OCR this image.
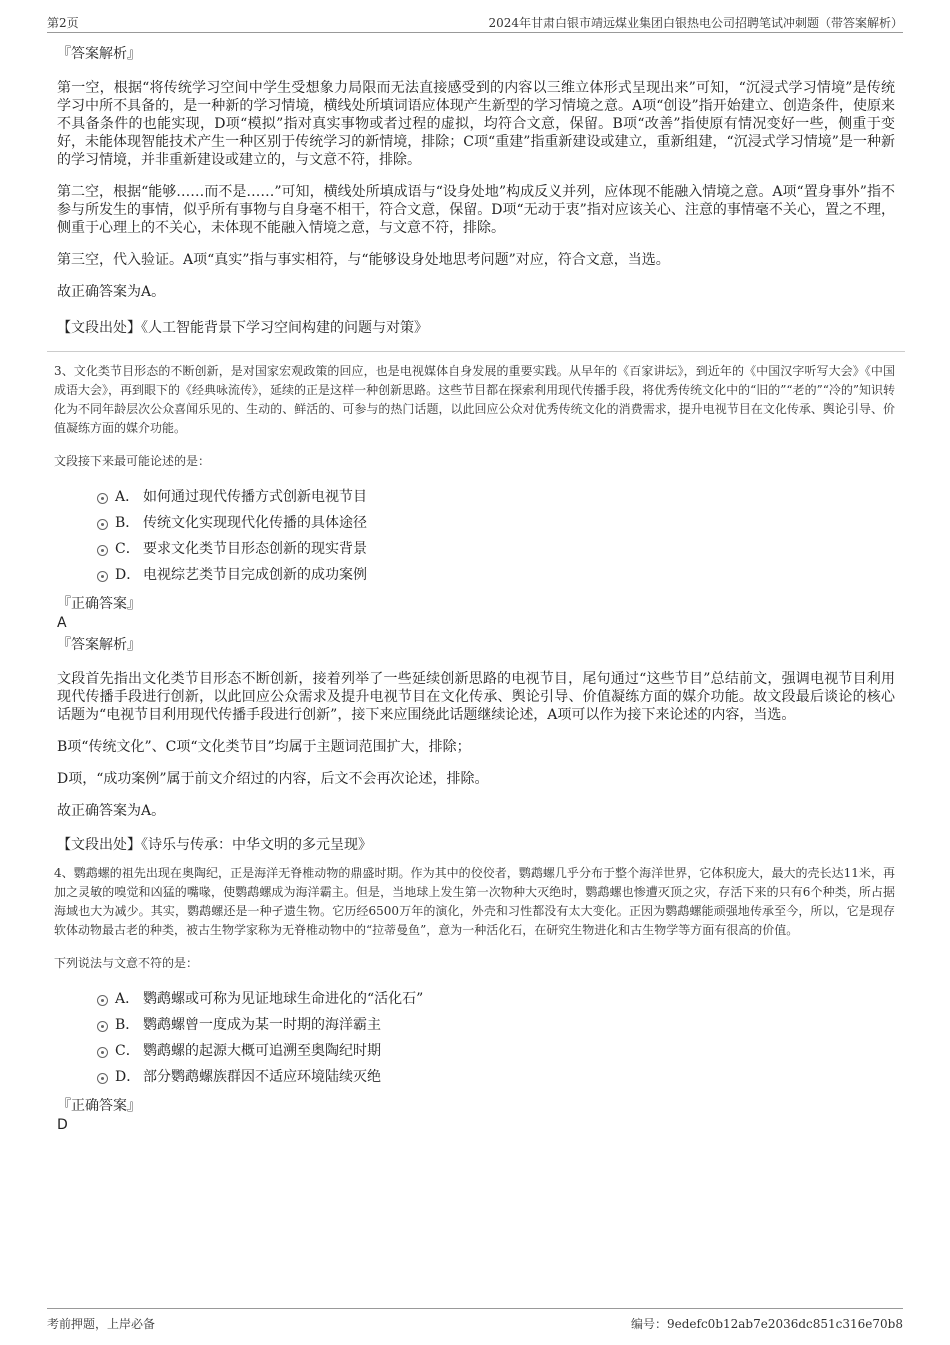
第2页	2024年甘肃白银市靖远煤业集团白银热电公司招聘笔试冲刺题（带答案解析）

『答案解析』

第一空，根据“将传统学习空间中学生受想象力局限而无法直接感受到的内容以三维立体形式呈现出来”可知，“沉浸式学习情境”是传统学习中所不具备的，是一种新的学习情境，横线处所填词语应体现产生新型的学习情境之意。A项“创设”指开始建立、创造条件，使原来不具备条件的也能实现，D项“模拟”指对真实事物或者过程的虚拟，均符合文意，保留。B项“改善”指使原有情况变好一些，侧重于变好，未能体现智能技术产生一种区别于传统学习的新情境，排除；C项“重建”指重新建设或建立，重新组建，“沉浸式学习情境”是一种新的学习情境，并非重新建设或建立的，与文意不符，排除。

第二空，根据“能够……而不是……”可知，横线处所填成语与“设身处地”构成反义并列，应体现不能融入情境之意。A项“置身事外”指不参与所发生的事情，似乎所有事物与自身毫不相干，符合文意，保留。D项“无动于衷”指对应该关心、注意的事情毫不关心，置之不理，侧重于心理上的不关心，未体现不能融入情境之意，与文意不符，排除。

第三空，代入验证。A项“真实”指与事实相符，与“能够设身处地思考问题”对应，符合文意，当选。

故正确答案为A。

【文段出处】《人工智能背景下学习空间构建的问题与对策》

3、文化类节目形态的不断创新，是对国家宏观政策的回应，也是电视媒体自身发展的重要实践。从早年的《百家讲坛》，到近年的《中国汉字听写大会》《中国成语大会》，再到眼下的《经典咏流传》，延续的正是这样一种创新思路。这些节目都在探索利用现代传播手段，将优秀传统文化中的“旧的”“老的”“冷的”知识转化为不同年龄层次公众喜闻乐见的、生动的、鲜活的、可参与的热门话题，以此回应公众对优秀传统文化的消费需求，提升电视节目在文化传承、舆论引导、价值凝练方面的媒介功能。

文段接下来最可能论述的是：

A． 如何通过现代传播方式创新电视节目
B． 传统文化实现现代化传播的具体途径
C． 要求文化类节目形态创新的现实背景
D． 电视综艺类节目完成创新的成功案例

『正确答案』

A

『答案解析』

文段首先指出文化类节目形态不断创新，接着列举了一些延续创新思路的电视节目，尾句通过“这些节目”总结前文，强调电视节目利用现代传播手段进行创新，以此回应公众需求及提升电视节目在文化传承、舆论引导、价值凝练方面的媒介功能。故文段最后谈论的核心话题为“电视节目利用现代传播手段进行创新”，接下来应围绕此话题继续论述，A项可以作为接下来论述的内容，当选。

B项“传统文化”、C项“文化类节目”均属于主题词范围扩大，排除；

D项，“成功案例”属于前文介绍过的内容，后文不会再次论述，排除。

故正确答案为A。

【文段出处】《诗乐与传承：中华文明的多元呈现》

4、鹦鹉螺的祖先出现在奥陶纪，正是海洋无脊椎动物的鼎盛时期。作为其中的佼佼者，鹦鹉螺几乎分布于整个海洋世界，它体积庞大，最大的壳长达11米，再加之灵敏的嗅觉和凶猛的嘴喙，使鹦鹉螺成为海洋霸主。但是，当地球上发生第一次物种大灭绝时，鹦鹉螺也惨遭灭顶之灾，存活下来的只有6个种类，所占据海域也大为减少。其实，鹦鹉螺还是一种孑遗生物。它历经6500万年的演化，外壳和习性都没有太大变化。正因为鹦鹉螺能顽强地传承至今，所以，它是现存软体动物最古老的种类，被古生物学家称为无脊椎动物中的“拉蒂曼鱼”，意为一种活化石，在研究生物进化和古生物学等方面有很高的价值。

下列说法与文意不符的是：

A． 鹦鹉螺或可称为见证地球生命进化的“活化石”
B． 鹦鹉螺曾一度成为某一时期的海洋霸主
C． 鹦鹉螺的起源大概可追溯至奥陶纪时期
D． 部分鹦鹉螺族群因不适应环境陆续灭绝

『正确答案』

D

考前押题，上岸必备	编号：9edefc0b12ab7e2036dc851c316e70b8
